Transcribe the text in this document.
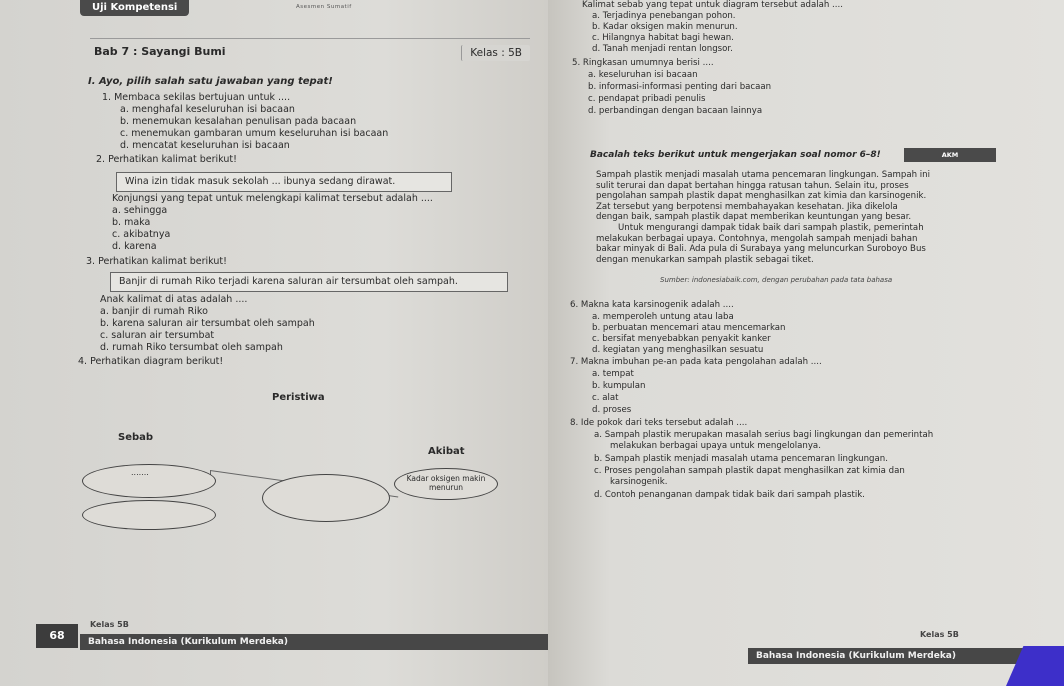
Uji Kompetensi	Asesmen Sumatif
Bab 7 : Sayangi Bumi	Kelas : 5B
I. Ayo, pilih salah satu jawaban yang tepat!
1. Membaca sekilas bertujuan untuk ....
a. menghafal keseluruhan isi bacaan
b. menemukan kesalahan penulisan pada bacaan
c. menemukan gambaran umum keseluruhan isi bacaan
d. mencatat keseluruhan isi bacaan
2. Perhatikan kalimat berikut!
Wina izin tidak masuk sekolah ... ibunya sedang dirawat.
Konjungsi yang tepat untuk melengkapi kalimat tersebut adalah ....
a. sehingga
b. maka
c. akibatnya
d. karena
3. Perhatikan kalimat berikut!
Banjir di rumah Riko terjadi karena saluran air tersumbat oleh sampah.
Anak kalimat di atas adalah ....
a. banjir di rumah Riko
b. karena saluran air tersumbat oleh sampah
c. saluran air tersumbat
d. rumah Riko tersumbat oleh sampah
4. Perhatikan diagram berikut!
Peristiwa
Sebab
Akibat
.......
Kadar oksigen makin menurun
Kelas 5B
68	Bahasa Indonesia (Kurikulum Merdeka)
Kalimat sebab yang tepat untuk diagram tersebut adalah ....
a. Terjadinya penebangan pohon.
b. Kadar oksigen makin menurun.
c. Hilangnya habitat bagi hewan.
d. Tanah menjadi rentan longsor.
5. Ringkasan umumnya berisi ....
a. keseluruhan isi bacaan
b. informasi-informasi penting dari bacaan
c. pendapat pribadi penulis
d. perbandingan dengan bacaan lainnya
Bacalah teks berikut untuk mengerjakan soal nomor 6–8!	AKM
Sampah plastik menjadi masalah utama pencemaran lingkungan. Sampah ini
sulit terurai dan dapat bertahan hingga ratusan tahun. Selain itu, proses
pengolahan sampah plastik dapat menghasilkan zat kimia dan karsinogenik.
Zat tersebut yang berpotensi membahayakan kesehatan. Jika dikelola
dengan baik, sampah plastik dapat memberikan keuntungan yang besar.
Untuk mengurangi dampak tidak baik dari sampah plastik, pemerintah
melakukan berbagai upaya. Contohnya, mengolah sampah menjadi bahan
bakar minyak di Bali. Ada pula di Surabaya yang meluncurkan Suroboyo Bus
dengan menukarkan sampah plastik sebagai tiket.
Sumber: indonesiabaik.com, dengan perubahan pada tata bahasa
6. Makna kata karsinogenik adalah ....
a. memperoleh untung atau laba
b. perbuatan mencemari atau mencemarkan
c. bersifat menyebabkan penyakit kanker
d. kegiatan yang menghasilkan sesuatu
7. Makna imbuhan pe-an pada kata pengolahan adalah ....
a. tempat
b. kumpulan
c. alat
d. proses
8. Ide pokok dari teks tersebut adalah ....
a. Sampah plastik merupakan masalah serius bagi lingkungan dan pemerintah
melakukan berbagai upaya untuk mengelolanya.
b. Sampah plastik menjadi masalah utama pencemaran lingkungan.
c. Proses pengolahan sampah plastik dapat menghasilkan zat kimia dan
karsinogenik.
d. Contoh penanganan dampak tidak baik dari sampah plastik.
Kelas 5B
Bahasa Indonesia (Kurikulum Merdeka)
